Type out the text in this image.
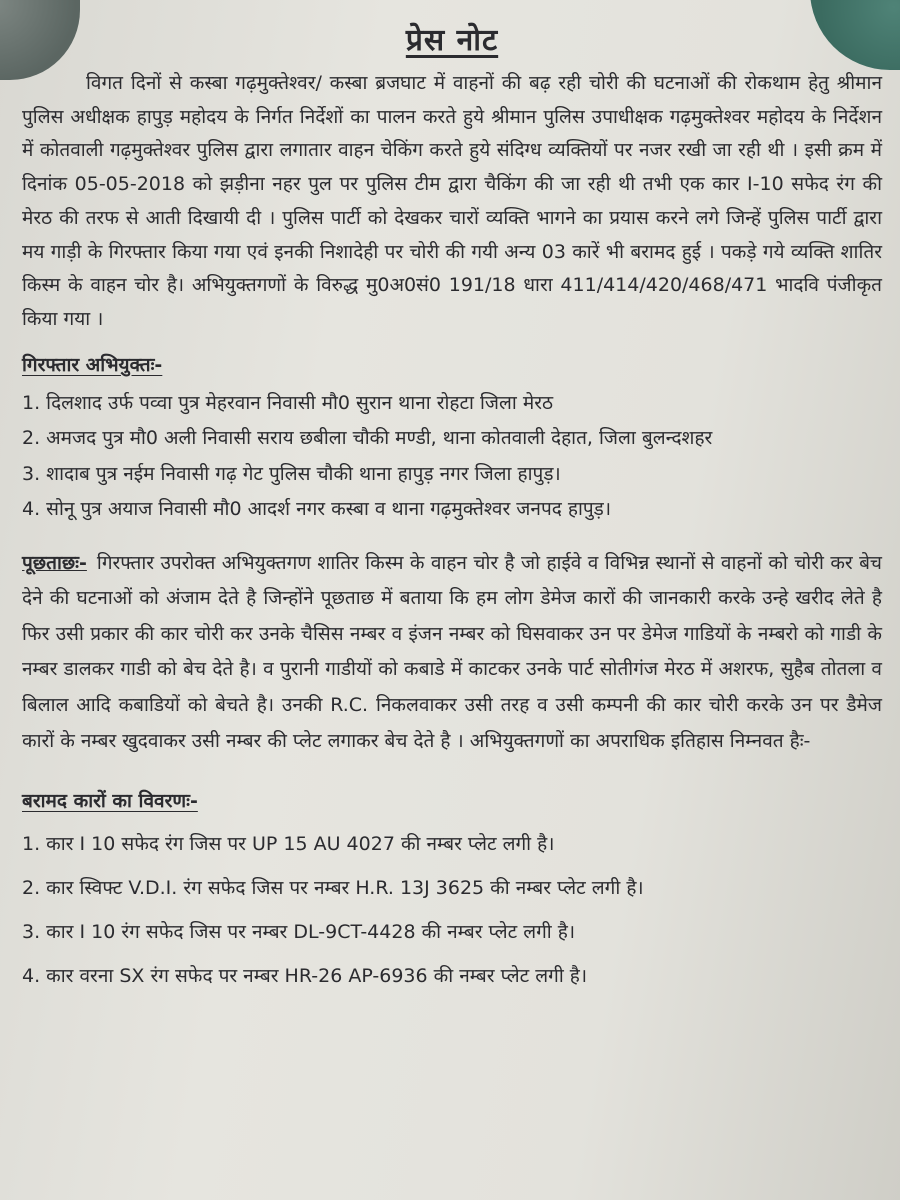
प्रेस नोट

विगत दिनों से कस्बा गढ़मुक्तेश्वर/ कस्बा ब्रजघाट में वाहनों की बढ़ रही चोरी की घटनाओं की रोकथाम हेतु श्रीमान पुलिस अधीक्षक हापुड़ महोदय के निर्गत निर्देशों का पालन करते हुये श्रीमान पुलिस उपाधीक्षक गढ़मुक्तेश्वर महोदय के निर्देशन में कोतवाली गढ़मुक्तेश्वर पुलिस द्वारा लगातार वाहन चेकिंग करते हुये संदिग्ध व्यक्तियों पर नजर रखी जा रही थी । इसी क्रम में दिनांक 05-05-2018 को झड़ीना नहर पुल पर पुलिस टीम द्वारा चैकिंग की जा रही थी तभी एक कार I-10 सफेद रंग की मेरठ की तरफ से आती दिखायी दी । पुलिस पार्टी को देखकर चारों व्यक्ति भागने का प्रयास करने लगे जिन्हें पुलिस पार्टी द्वारा मय गाड़ी के गिरफ्तार किया गया एवं इनकी निशादेही पर चोरी की गयी अन्य 03 कारें भी बरामद हुई । पकड़े गये व्यक्ति शातिर किस्म के वाहन चोर है। अभियुक्तगणों के विरुद्ध मु0अ0सं0 191/18 धारा 411/414/420/468/471 भादवि पंजीकृत किया गया ।

गिरफ्तार अभियुक्तः-
1. दिलशाद उर्फ पव्वा पुत्र मेहरवान निवासी मौ0 सुरान थाना रोहटा जिला मेरठ
2. अमजद पुत्र मौ0 अली निवासी सराय छबीला चौकी मण्डी, थाना कोतवाली देहात, जिला बुलन्दशहर
3. शादाब पुत्र नईम निवासी गढ़ गेट पुलिस चौकी थाना हापुड़ नगर जिला हापुड़।
4. सोनू पुत्र अयाज निवासी मौ0 आदर्श नगर कस्बा व थाना गढ़मुक्तेश्वर जनपद हापुड़।

पूछताछः- गिरफ्तार उपरोक्त अभियुक्तगण शातिर किस्म के वाहन चोर है जो हाईवे व विभिन्न स्थानों से वाहनों को चोरी कर बेच देने की घटनाओं को अंजाम देते है जिन्होंने पूछताछ में बताया कि हम लोग डेमेज कारों की जानकारी करके उन्हे खरीद लेते है फिर उसी प्रकार की कार चोरी कर उनके चैसिस नम्बर व इंजन नम्बर को घिसवाकर उन पर डेमेज गाडियों के नम्बरो को गाडी के नम्बर डालकर गाडी को बेच देते है। व पुरानी गाडीयों को कबाडे में काटकर उनके पार्ट सोतीगंज मेरठ में अशरफ, सुहैब तोतला व बिलाल आदि कबाडियों को बेचते है। उनकी R.C. निकलवाकर उसी तरह व उसी कम्पनी की कार चोरी करके उन पर डैमेज कारों के नम्बर खुदवाकर उसी नम्बर की प्लेट लगाकर बेच देते है । अभियुक्तगणों का अपराधिक इतिहास निम्नवत हैः-

बरामद कारों का विवरणः-
1. कार I 10 सफेद रंग जिस पर UP 15 AU 4027 की नम्बर प्लेट लगी है।
2. कार स्विफ्ट V.D.I. रंग सफेद जिस पर नम्बर H.R. 13J 3625 की नम्बर प्लेट लगी है।
3. कार I 10 रंग सफेद जिस पर नम्बर DL-9CT-4428 की नम्बर प्लेट लगी है।
4. कार वरना SX रंग सफेद पर नम्बर HR-26 AP-6936 की नम्बर प्लेट लगी है।
